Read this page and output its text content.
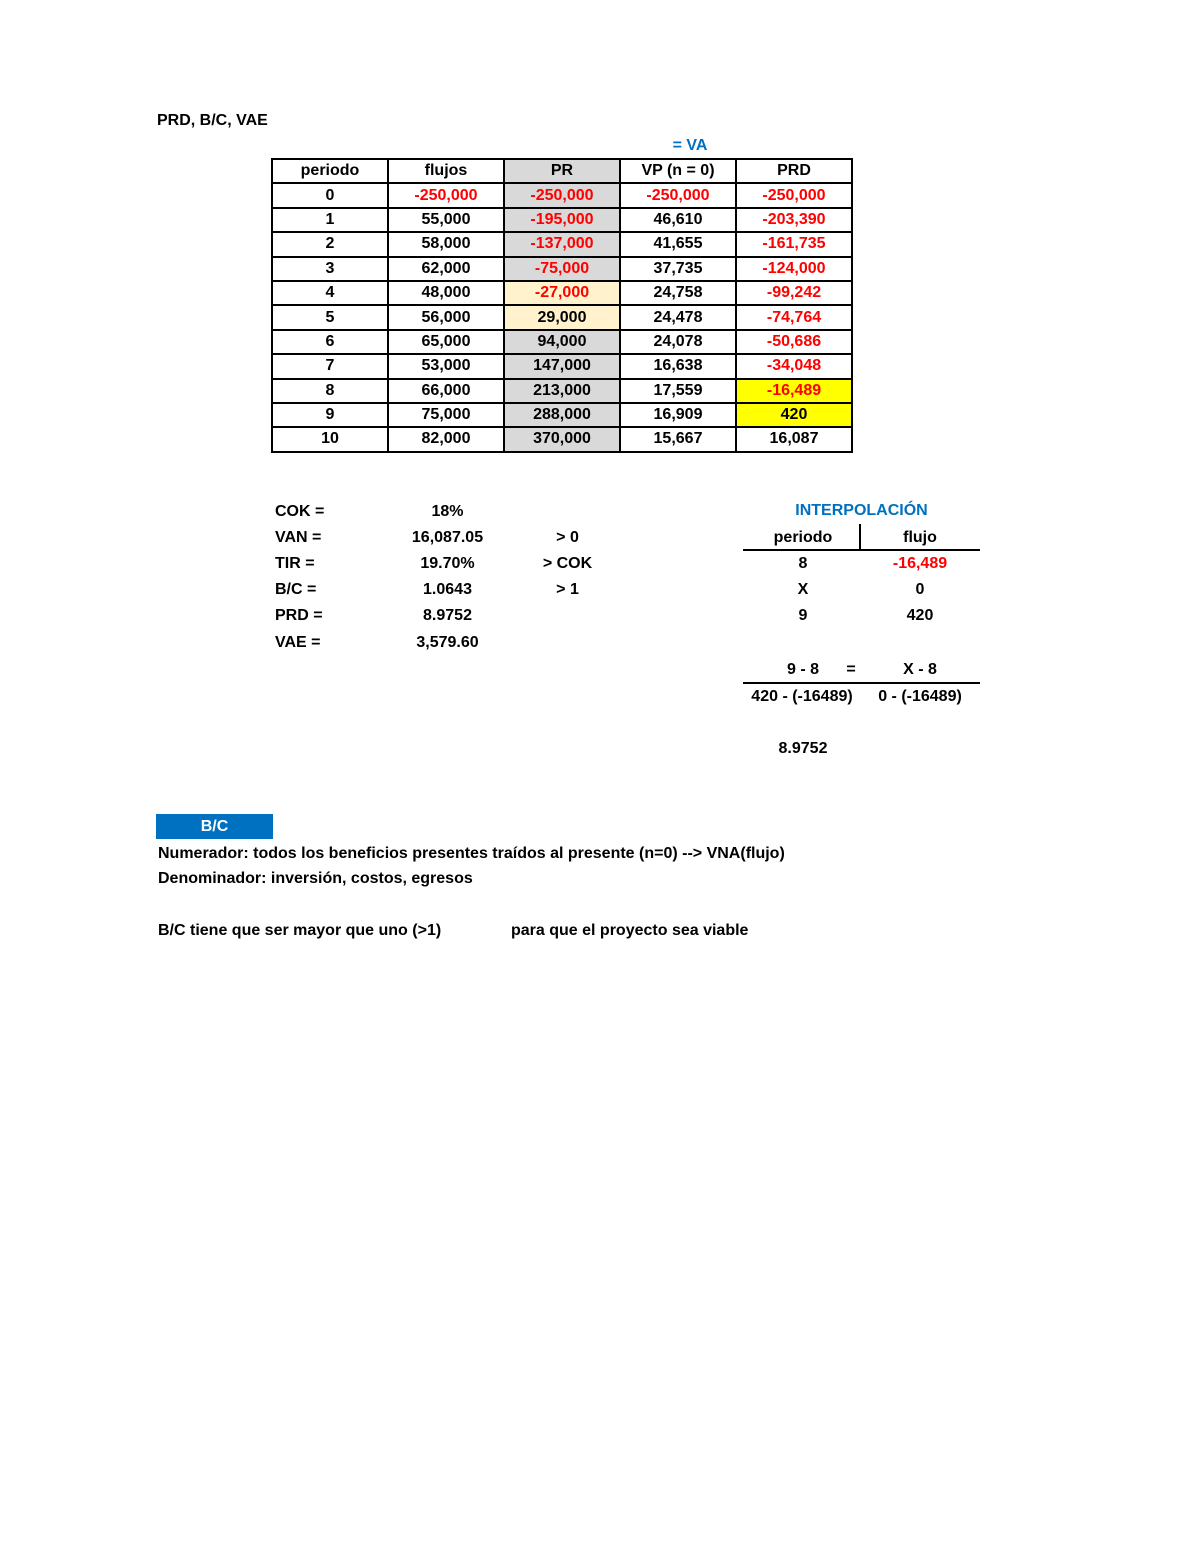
PRD, B/C, VAE
= VA
periodo	flujos	PR	VP (n = 0)	PRD
0	-250,000	-250,000	-250,000	-250,000
1	55,000	-195,000	46,610	-203,390
2	58,000	-137,000	41,655	-161,735
3	62,000	-75,000	37,735	-124,000
4	48,000	-27,000	24,758	-99,242
5	56,000	29,000	24,478	-74,764
6	65,000	94,000	24,078	-50,686
7	53,000	147,000	16,638	-34,048
8	66,000	213,000	17,559	-16,489
9	75,000	288,000	16,909	420
10	82,000	370,000	15,667	16,087
COK =	18%
VAN =	16,087.05	> 0
TIR =	19.70%	> COK
B/C =	1.0643	> 1
PRD =	8.9752
VAE =	3,579.60
INTERPOLACIÓN
periodo	flujo
8	-16,489
X	0
9	420
9 - 8	=	X - 8
420 - (-16489)	0 - (-16489)
8.9752
B/C
Numerador: todos los beneficios presentes traídos al presente (n=0) --> VNA(flujo)
Denominador: inversión, costos, egresos
B/C tiene que ser mayor que uno (>1)	para que el proyecto sea viable
